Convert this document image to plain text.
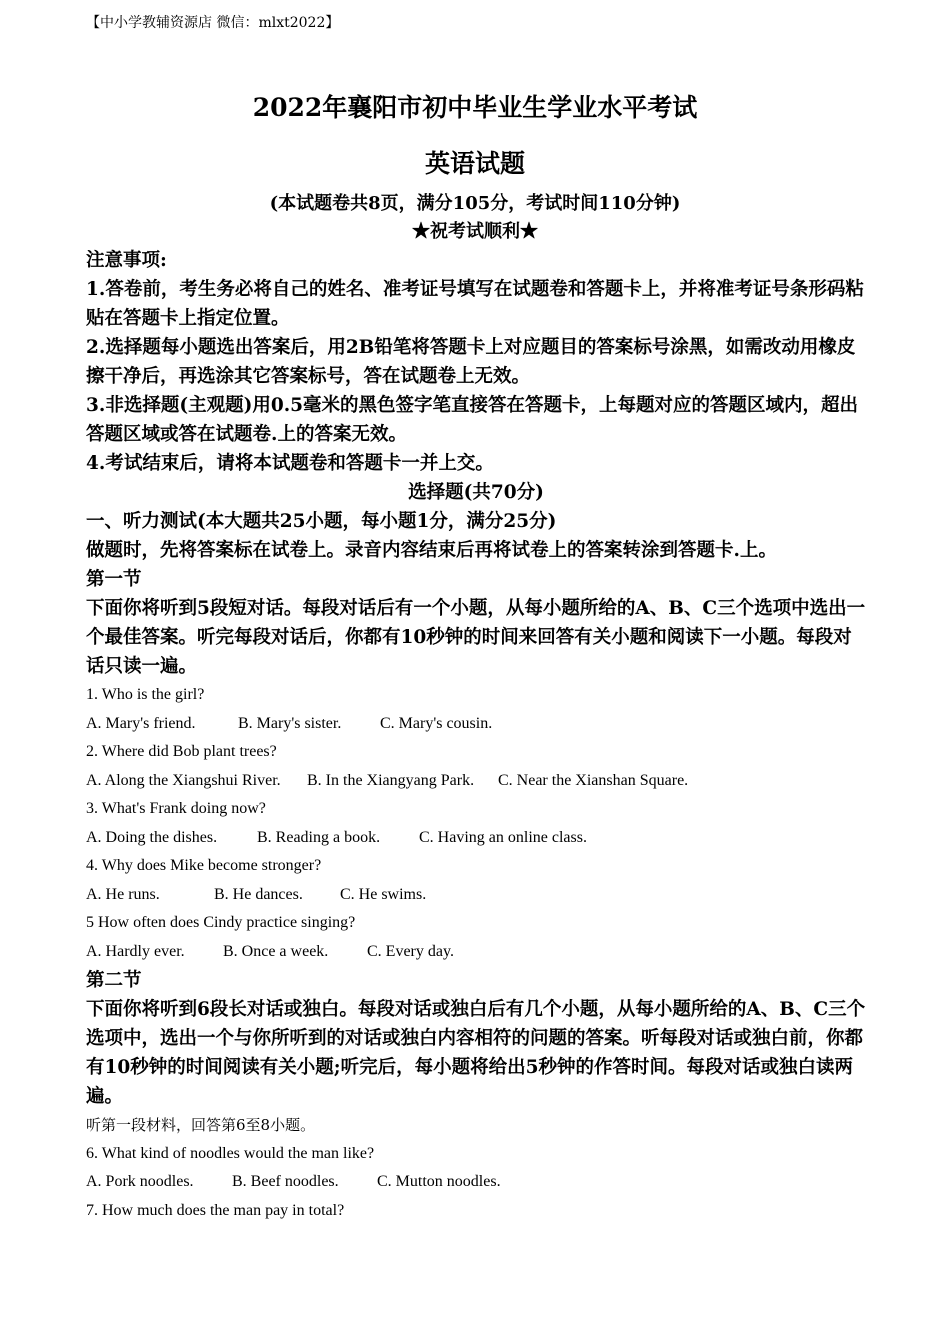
【中小学教辅资源店 微信：mlxt2022】
2022年襄阳市初中毕业生学业水平考试
英语试题
(本试题卷共8页，满分105分，考试时间110分钟)
★祝考试顺利★
注意事项:
1.答卷前，考生务必将自己的姓名、准考证号填写在试题卷和答题卡上，并将准考证号条形码粘贴在答题卡上指定位置。
2.选择题每小题选出答案后，用2B铅笔将答题卡上对应题目的答案标号涂黑，如需改动用橡皮擦干净后，再选涂其它答案标号，答在试题卷上无效。
3.非选择题(主观题)用0.5毫米的黑色签字笔直接答在答题卡，上每题对应的答题区域内，超出答题区域或答在试题卷.上的答案无效。
4.考试结束后，请将本试题卷和答题卡一并上交。
选择题(共70分)
一、听力测试(本大题共25小题，每小题1分，满分25分)
做题时，先将答案标在试卷上。录音内容结束后再将试卷上的答案转涂到答题卡.上。
第一节
下面你将听到5段短对话。每段对话后有一个小题，从每小题所给的A、B、C三个选项中选出一个最佳答案。听完每段对话后，你都有10秒钟的时间来回答有关小题和阅读下一小题。每段对话只读一遍。
1. Who is the girl?
A. Mary's friend.	B. Mary's sister. C. Mary's cousin.
2. Where did Bob plant trees?
A. Along the Xiangshui River. B. In the Xiangyang Park. C. Near the Xianshan Square.
3. What's Frank doing now?
A. Doing the dishes. B. Reading a book. C. Having an online class.
4. Why does Mike become stronger?
A. He runs.	B. He dances. C. He swims.
5 How often does Cindy practice singing?
A. Hardly ever. B. Once a week. C. Every day.
第二节
下面你将听到6段长对话或独白。每段对话或独白后有几个小题，从每小题所给的A、B、C三个选项中，选出一个与你所听到的对话或独白内容相符的问题的答案。听每段对话或独白前，你都有10秒钟的时间阅读有关小题;听完后，每小题将给出5秒钟的作答时间。每段对话或独白读两遍。
听第一段材料，回答第6至8小题。
6. What kind of noodles would the man like?
A. Pork noodles. B. Beef noodles. C. Mutton noodles.
7. How much does the man pay in total?
